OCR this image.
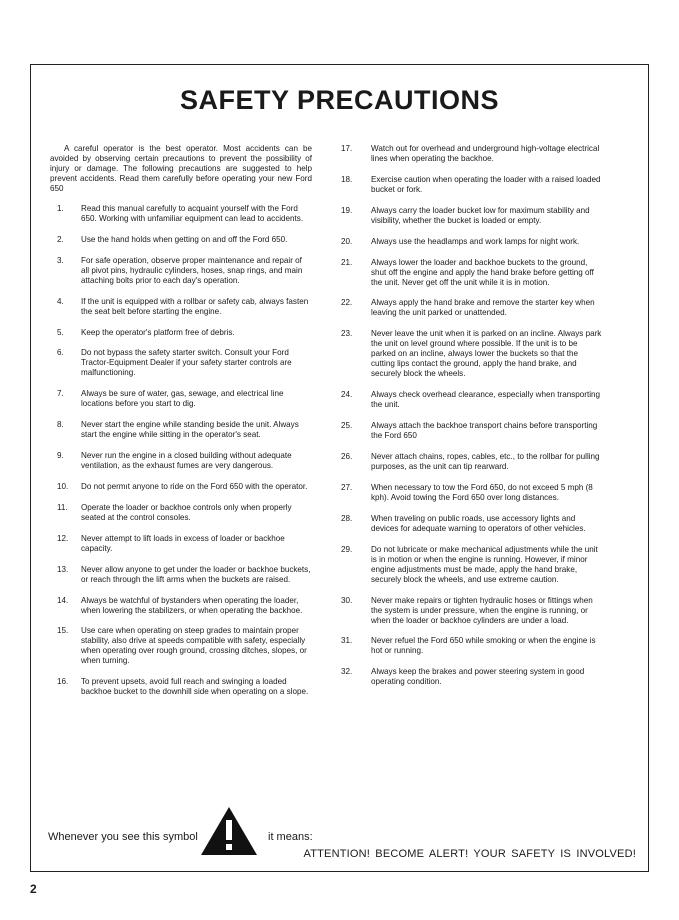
SAFETY PRECAUTIONS

A careful operator is the best operator. Most accidents can be avoided by observing certain precautions to prevent the possibility of injury or damage. The following precautions are suggested to help prevent accidents. Read them carefully before operating your new Ford 650

1. Read this manual carefully to acquaint yourself with the Ford 650. Working with unfamiliar equipment can lead to accidents.
2. Use the hand holds when getting on and off the Ford 650.
3. For safe operation, observe proper maintenance and repair of all pivot pins, hydraulic cylinders, hoses, snap rings, and main attaching bolts prior to each day's operation.
4. If the unit is equipped with a rollbar or safety cab, always fasten the seat belt before starting the engine.
5. Keep the operator's platform free of debris.
6. Do not bypass the safety starter switch. Consult your Ford Tractor-Equipment Dealer if your safety starter controls are malfunctioning.
7. Always be sure of water, gas, sewage, and electrical line locations before you start to dig.
8. Never start the engine while standing beside the unit. Always start the engine while sitting in the operator's seat.
9. Never run the engine in a closed building without adequate ventilation, as the exhaust fumes are very dangerous.
10. Do not permıt anyone to ride on the Ford 650 with the operator.
11. Operate the loader or backhoe controls only when properly seated at the control consoles.
12. Never attempt to lift loads in excess of loader or backhoe capacity.
13. Never allow anyone to get under the loader or backhoe buckets, or reach through the lift arms when the buckets are raised.
14. Always be watchful of bystanders when operating the loader, when lowering the stabilizers, or when operating the backhoe.
15. Use care when operating on steep grades to maintain proper stability, also drive at speeds compatible with safety, especially when operating over rough ground, crossing ditches, slopes, or when turning.
16. To prevent upsets, avoid full reach and swinging a loaded backhoe bucket to the downhill side when operating on a slope.
17. Watch out for overhead and underground high-voltage electrical lines when operating the backhoe.
18. Exercise caution when operating the loader with a raised loaded bucket or fork.
19. Always carry the loader bucket low for maximum stability and visibility, whether the bucket is loaded or empty.
20. Always use the headlamps and work lamps for night work.
21. Always lower the loader and backhoe buckets to the ground, shut off the engine and apply the hand brake before getting off the unit. Never get off the unit while it is in motion.
22. Always apply the hand brake and remove the starter key when leaving the unit parked or unattended.
23. Never leave the unit when it is parked on an incline. Always park the unit on level ground where possible. If the unit is to be parked on an incline, always lower the buckets so that the cutting lips contact the ground, apply the hand brake, and securely block the wheels.
24. Always check overhead clearance, especially when transporting the unit.
25. Always attach the backhoe transport chains before transporting the Ford 650
26. Never attach chains, ropes, cables, etc., to the rollbar for pulling purposes, as the unit can tip rearward.
27. When necessary to tow the Ford 650, do not exceed 5 mph (8 kph). Avoid towing the Ford 650 over long distances.
28. When traveling on public roads, use accessory lights and devices for adequate warning to operators of other vehicles.
29. Do not lubricate or make mechanical adjustments while the unit is in motion or when the engine is running. However, if minor engine adjustments must be made, apply the hand brake, securely block the wheels, and use extreme caution.
30. Never make repairs or tighten hydraulic hoses or fittings when the system is under pressure, when the engine is running, or when the loader or backhoe cylinders are under a load.
31. Never refuel the Ford 650 while smoking or when the engine is hot or running.
32. Always keep the brakes and power steering system in good operating condition.
Whenever you see this symbol	it means:
ATTENTION! BECOME ALERT! YOUR SAFETY IS INVOLVED!
2
